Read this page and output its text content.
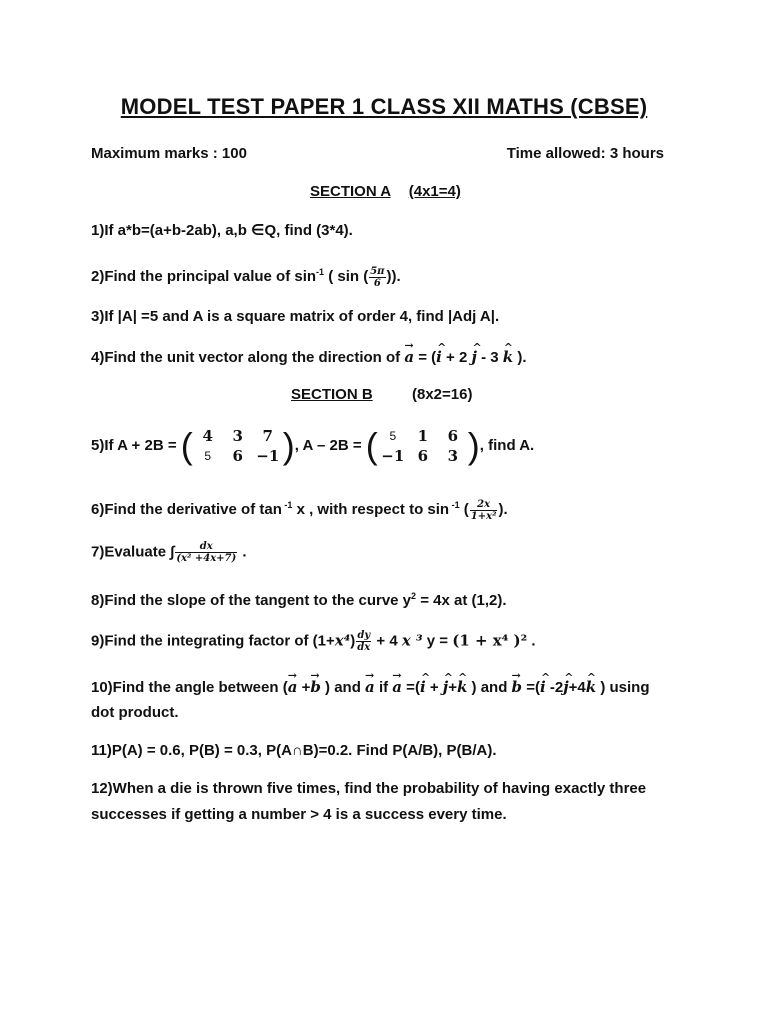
MODEL TEST PAPER 1 CLASS XII MATHS (CBSE)
Maximum marks : 100	Time allowed: 3 hours
SECTION A (4x1=4)
1)If a*b=(a+b-2ab), a,b ∈Q, find (3*4).
2)Find the principal value of $\sin^{-1}$ ( sin ( $\frac{5\pi}{6}$ )).
3)If |A| =5 and A is a square matrix of order 4, find |Adj A|.
4)Find the unit vector along the direction of → a = (^ i + 2 ^ j - 3 ^ k ).
SECTION B	(8x2=16)
5)If A + 2B = ( 4	3	7
5	6 −1 ) , A – 2B = ( 5	1	6
−1 6	3 ) , find A.
6)Find the derivative of tan $^{-1}$ x , with respect to sin $^{-1}$ ( $\frac{2x}{\text{1+x²}}$ ).
7)Evaluate ∫ $\frac{dx}{\text{(x² +4x+7)}}$ .
8)Find the slope of the tangent to the curve $y^2 = 4x$ at (1,2).
9)Find the integrating factor of $(1+x^4) \frac{dy}{dx} + 4$ x ³ y = (1 + x⁴ )² .
10)Find the angle between (→ a +→ b ) and → a if → a =(^ i + ^ j+^ k ) and → b =(^ i -2^ j+4^ k ) using
dot product.
11)P(A) = 0.6, P(B) = 0.3, P(A∩B)=0.2. Find P(A/B), P(B/A).
12)When a die is thrown five times, find the probability of having exactly three successes if getting a number > 4 is a success every time.
